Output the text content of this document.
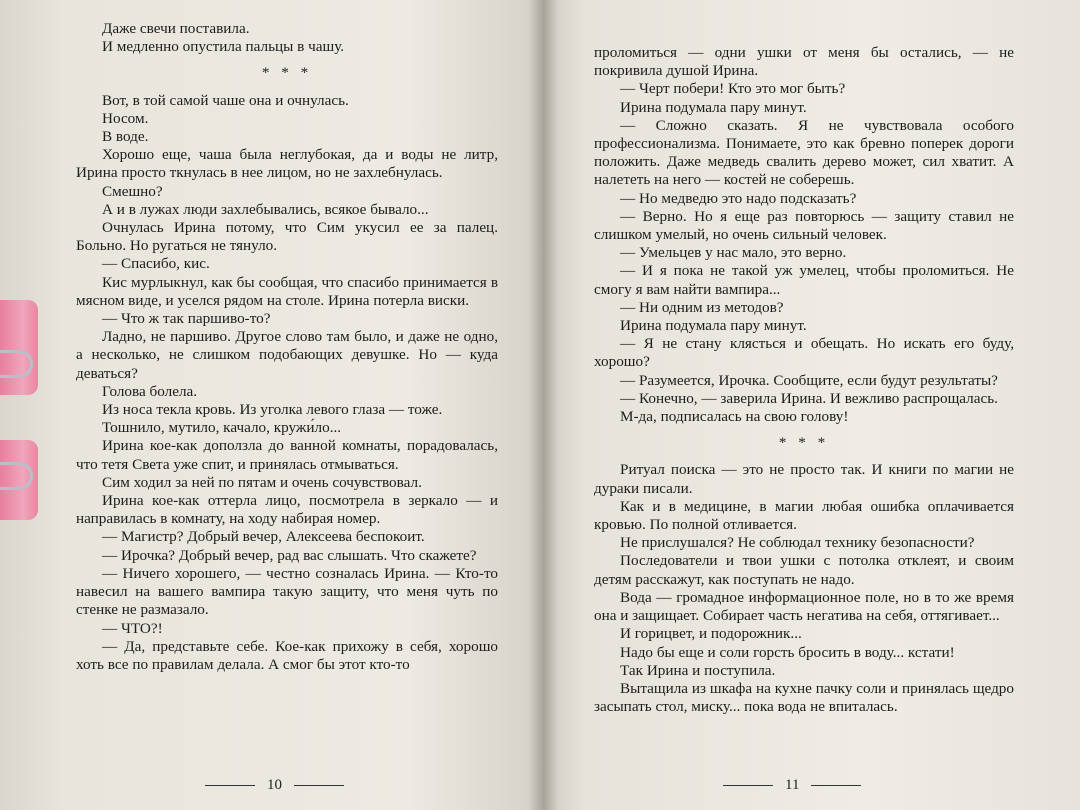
Даже свечи поставила.

И медленно опустила пальцы в чашу.

* * *

Вот, в той самой чаше она и очнулась.

Носом.

В воде.

Хорошо еще, чаша была неглубокая, да и воды не литр, Ирина просто ткнулась в нее лицом, но не захлебнулась.

Смешно?

А и в лужах люди захлебывались, всякое бывало...

Очнулась Ирина потому, что Сим укусил ее за палец. Больно. Но ругаться не тянуло.

— Спасибо, кис.

Кис мурлыкнул, как бы сообщая, что спасибо принимается в мясном виде, и уселся рядом на столе. Ирина потерла виски.

— Что ж так паршиво-то?

Ладно, не паршиво. Другое слово там было, и даже не одно, а несколько, не слишком подобающих девушке. Но — куда деваться?

Голова болела.

Из носа текла кровь. Из уголка левого глаза — тоже.

Тошнило, мутило, качало, кружи́ло...

Ирина кое-как доползла до ванной комнаты, порадовалась, что тетя Света уже спит, и принялась отмываться.

Сим ходил за ней по пятам и очень сочувствовал.

Ирина кое-как оттерла лицо, посмотрела в зеркало — и направилась в комнату, на ходу набирая номер.

— Магистр? Добрый вечер, Алексеева беспокоит.

— Ирочка? Добрый вечер, рад вас слышать. Что скажете?

— Ничего хорошего, — честно созналась Ирина. — Кто-то навесил на вашего вампира такую защиту, что меня чуть по стенке не размазало.

— ЧТО?!

— Да, представьте себе. Кое-как прихожу в себя, хорошо хоть все по правилам делала. А смог бы этот кто-то

10

проломиться — одни ушки от меня бы остались, — не покривила душой Ирина.

— Черт побери! Кто это мог быть?

Ирина подумала пару минут.

— Сложно сказать. Я не чувствовала особого профессионализма. Понимаете, это как бревно поперек дороги положить. Даже медведь свалить дерево может, сил хватит. А налететь на него — костей не соберешь.

— Но медведю это надо подсказать?

— Верно. Но я еще раз повторюсь — защиту ставил не слишком умелый, но очень сильный человек.

— Умельцев у нас мало, это верно.

— И я пока не такой уж умелец, чтобы проломиться. Не смогу я вам найти вампира...

— Ни одним из методов?

Ирина подумала пару минут.

— Я не стану клясться и обещать. Но искать его буду, хорошо?

— Разумеется, Ирочка. Сообщите, если будут результаты?

— Конечно, — заверила Ирина. И вежливо распрощалась.

М-да, подписалась на свою голову!

* * *

Ритуал поиска — это не просто так. И книги по магии не дураки писали.

Как и в медицине, в магии любая ошибка оплачивается кровью. По полной отливается.

Не прислушался? Не соблюдал технику безопасности?

Последователи и твои ушки с потолка отклеят, и своим детям расскажут, как поступать не надо.

Вода — громадное информационное поле, но в то же время она и защищает. Собирает часть негатива на себя, оттягивает...

И горицвет, и подорожник...

Надо бы еще и соли горсть бросить в воду... кстати!

Так Ирина и поступила.

Вытащила из шкафа на кухне пачку соли и принялась щедро засыпать стол, миску... пока вода не впиталась.

11
